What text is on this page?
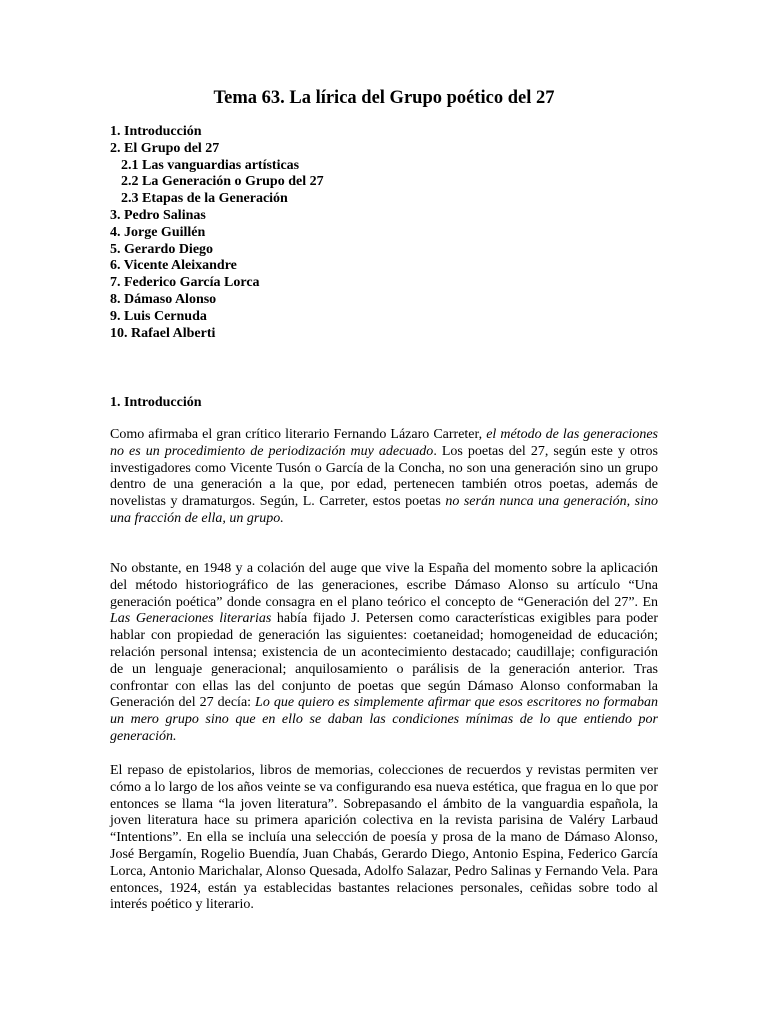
Tema 63. La lírica del Grupo poético del 27
1. Introducción
2. El Grupo del 27
2.1 Las vanguardias artísticas
2.2 La Generación o Grupo del 27
2.3 Etapas de la Generación
3. Pedro Salinas
4. Jorge Guillén
5. Gerardo Diego
6. Vicente Aleixandre
7. Federico García Lorca
8. Dámaso Alonso
9. Luis Cernuda
10. Rafael Alberti
1. Introducción

Como afirmaba el gran crítico literario Fernando Lázaro Carreter, el método de las generaciones no es un procedimiento de periodización muy adecuado. Los poetas del 27, según este y otros investigadores como Vicente Tusón o García de la Concha, no son una generación sino un grupo dentro de una generación a la que, por edad, pertenecen también otros poetas, además de novelistas y dramaturgos. Según, L. Carreter, estos poetas no serán nunca una generación, sino una fracción de ella, un grupo.

No obstante, en 1948 y a colación del auge que vive la España del momento sobre la aplicación del método historiográfico de las generaciones, escribe Dámaso Alonso su artículo “Una generación poética” donde consagra en el plano teórico el concepto de “Generación del 27”. En Las Generaciones literarias había fijado J. Petersen como características exigibles para poder hablar con propiedad de generación las siguientes: coetaneidad; homogeneidad de educación; relación personal intensa; existencia de un acontecimiento destacado; caudillaje; configuración de un lenguaje generacional; anquilosamiento o parálisis de la generación anterior. Tras confrontar con ellas las del conjunto de poetas que según Dámaso Alonso conformaban la Generación del 27 decía: Lo que quiero es simplemente afirmar que esos escritores no formaban un mero grupo sino que en ello se daban las condiciones mínimas de lo que entiendo por generación.

El repaso de epistolarios, libros de memorias, colecciones de recuerdos y revistas permiten ver cómo a lo largo de los años veinte se va configurando esa nueva estética, que fragua en lo que por entonces se llama “la joven literatura”. Sobrepasando el ámbito de la vanguardia española, la joven literatura hace su primera aparición colectiva en la revista parisina de Valéry Larbaud “Intentions”. En ella se incluía una selección de poesía y prosa de la mano de Dámaso Alonso, José Bergamín, Rogelio Buendía, Juan Chabás, Gerardo Diego, Antonio Espina, Federico García Lorca, Antonio Marichalar, Alonso Quesada, Adolfo Salazar, Pedro Salinas y Fernando Vela. Para entonces, 1924, están ya establecidas bastantes relaciones personales, ceñidas sobre todo al interés poético y literario.
